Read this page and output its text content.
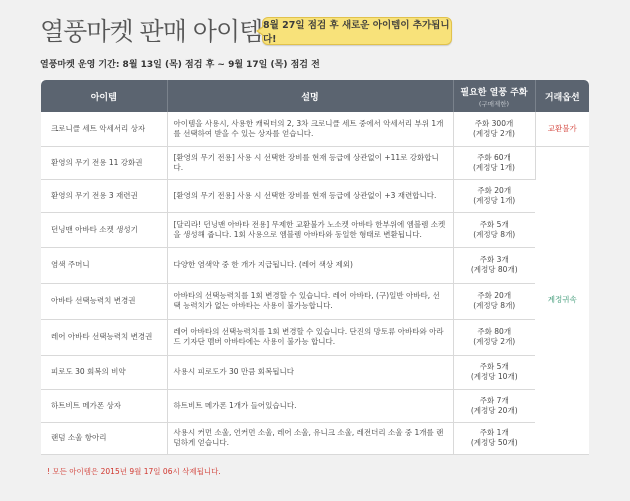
열풍마켓 판매 아이템 8월 27일 점검 후 새로운 아이템이 추가됩니다!
열풍마켓 운영 기간: 8월 13일 (목) 점검 후 ~ 9월 17일 (목) 점검 전
아이템	설명	필요한 열풍 주화
(구매제한)	거래옵션
크로니클 세트 악세서리 상자	아이템을 사용시, 사용한 캐릭터의 2, 3차 크로니클 세트 중에서 악세서리 부위 1개를 선택하여 받을 수 있는 상자를 얻습니다.	주화 300개
(계정당 2개)	교환불가
환영의 무기 전용 11 강화권	[환영의 무기 전용] 사용 시 선택한 장비를 현재 등급에 상관없이 +11로 강화합니다.	주화 60개
(계정당 1개)	계정귀속
환영의 무기 전용 3 재련권	[환영의 무기 전용] 사용 시 선택한 장비를 현재 등급에 상관없이 +3 재련합니다.	주화 20개
(계정당 1개)	

던닝맨 아바타 소켓 생성기	[달리라! 던닝맨 아바타 전용] 무제한 교환불가 노소켓 아바타 한부위에 엠블렘 소켓을 생성해 줍니다. 1회 사용으로 엠블렘 아바타와 동일한 형태로 변환됩니다.	주화 5개
(계정당 8개)	

염색 주머니	다양한 염색약 중 한 개가 지급됩니다. (레어 색상 제외)	주화 3개
(계정당 80개)	

아바타 선택능력치 변경권	아바타의 선택능력치를 1회 변경할 수 있습니다. 레어 아바타, (구)일반 아바타, 선택 능력치가 없는 아바타는 사용이 불가능합니다.	주화 20개
(계정당 8개)	

레어 아바타 선택능력치 변경권	레어 아바타의 선택능력치를 1회 변경할 수 있습니다. 단진의 망토류 아바타와 아라드 기자단 멤버 아바타에는 사용이 불가능 합니다.	주화 80개
(계정당 2개)	

피로도 30 회복의 비약	사용시 피로도가 30 만큼 회복됩니다	주화 5개
(계정당 10개)	

하트비트 메가폰 상자	하트비트 메가폰 1개가 들어있습니다.	주화 7개
(계정당 20개)	

랜덤 소울 항아리	사용시 커먼 소울, 언커먼 소울, 레어 소울, 유니크 소울, 레전더리 소울 중 1개를 랜덤하게 얻습니다.	주화 1개
(계정당 50개)	
! 모든 아이템은 2015년 9월 17일 06시 삭제됩니다.
